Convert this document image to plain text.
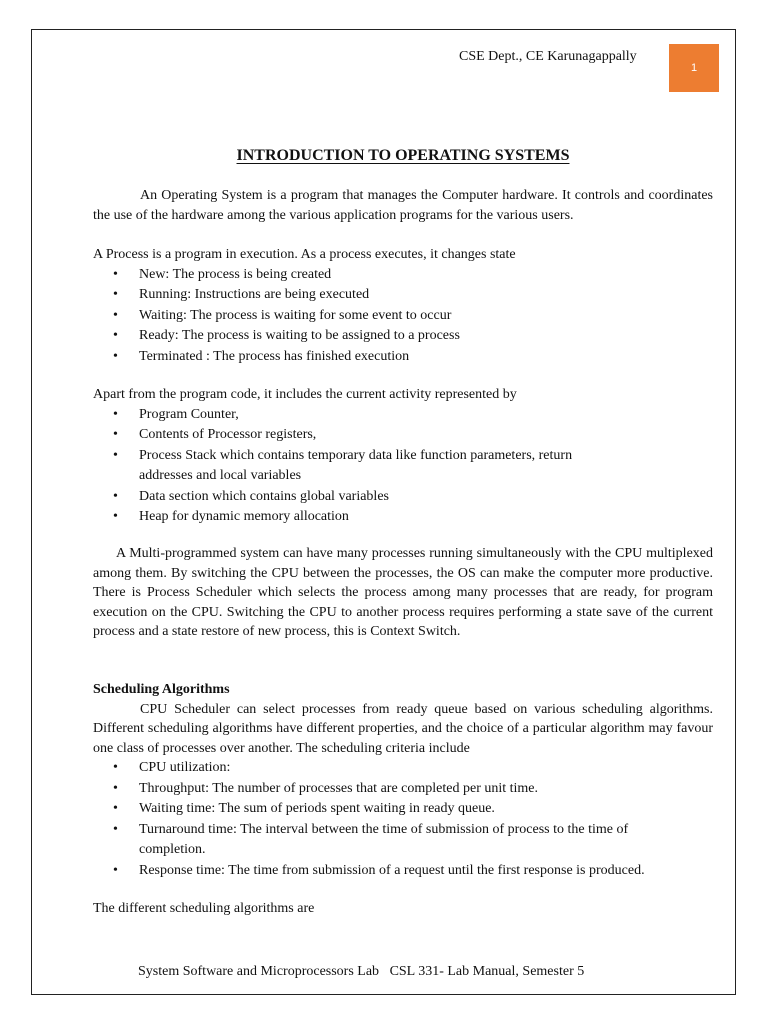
CSE Dept., CE Karunagappally
1
INTRODUCTION TO OPERATING SYSTEMS
An Operating System is a program that manages the Computer hardware. It controls and coordinates the use of the hardware among the various application programs for the various users.
A Process is a program in execution. As a process executes, it changes state
• New: The process is being created
• Running: Instructions are being executed
• Waiting: The process is waiting for some event to occur
• Ready: The process is waiting to be assigned to a process
• Terminated : The process has finished execution
Apart from the program code, it includes the current activity represented by
• Program Counter,
• Contents of Processor registers,
• Process Stack which contains temporary data like function parameters, return addresses and local variables
• Data section which contains global variables
• Heap for dynamic memory allocation
A Multi-programmed system can have many processes running simultaneously with the CPU multiplexed among them. By switching the CPU between the processes, the OS can make the computer more productive. There is Process Scheduler which selects the process among many processes that are ready, for program execution on the CPU. Switching the CPU to another process requires performing a state save of the current process and a state restore of new process, this is Context Switch.
Scheduling Algorithms
CPU Scheduler can select processes from ready queue based on various scheduling algorithms. Different scheduling algorithms have different properties, and the choice of a particular algorithm may favour one class of processes over another. The scheduling criteria include
• CPU utilization:
• Throughput: The number of processes that are completed per unit time.
• Waiting time: The sum of periods spent waiting in ready queue.
• Turnaround time: The interval between the time of submission of process to the time of completion.
• Response time: The time from submission of a request until the first response is produced.
The different scheduling algorithms are
System Software and Microprocessors Lab CSL 331- Lab Manual, Semester 5
